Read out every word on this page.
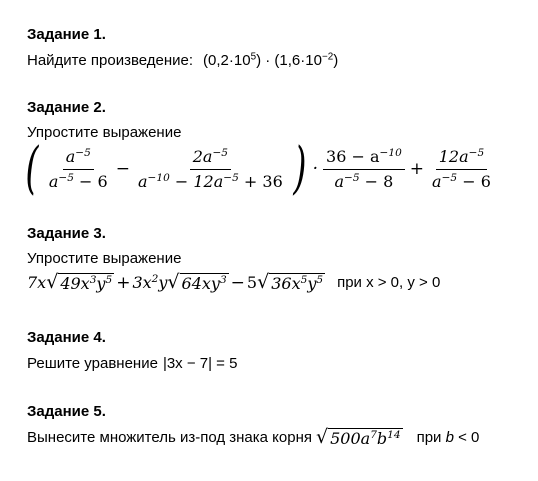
Задание 1.
Найдите произведение: $(0,2\cdot 10^5) \cdot (1,6\cdot 10^{-2})$
Задание 2.
Упростите выражение
( $\frac{a^{-5}}{a^{-5} - 6} - \frac{2a^{-5}}{a^{-10} - 12a^{-5} + 36}$ ) · $\frac{36 - a^{-10}}{a^{-5} - 8} + \frac{12a^{-5}}{a^{-5} - 6}$
Задание 3.
Упростите выражение
7x √ $49x^3y^5 + 3x^2y$ √ $64xy^3 - 5$ √ $36x^5y^5$ при x > 0, y > 0
Задание 4.
Решите уравнение |3x − 7| = 5
Задание 5.
Вынесите множитель из-под знака корня √ $500a^7b^{14}$ при b < 0
